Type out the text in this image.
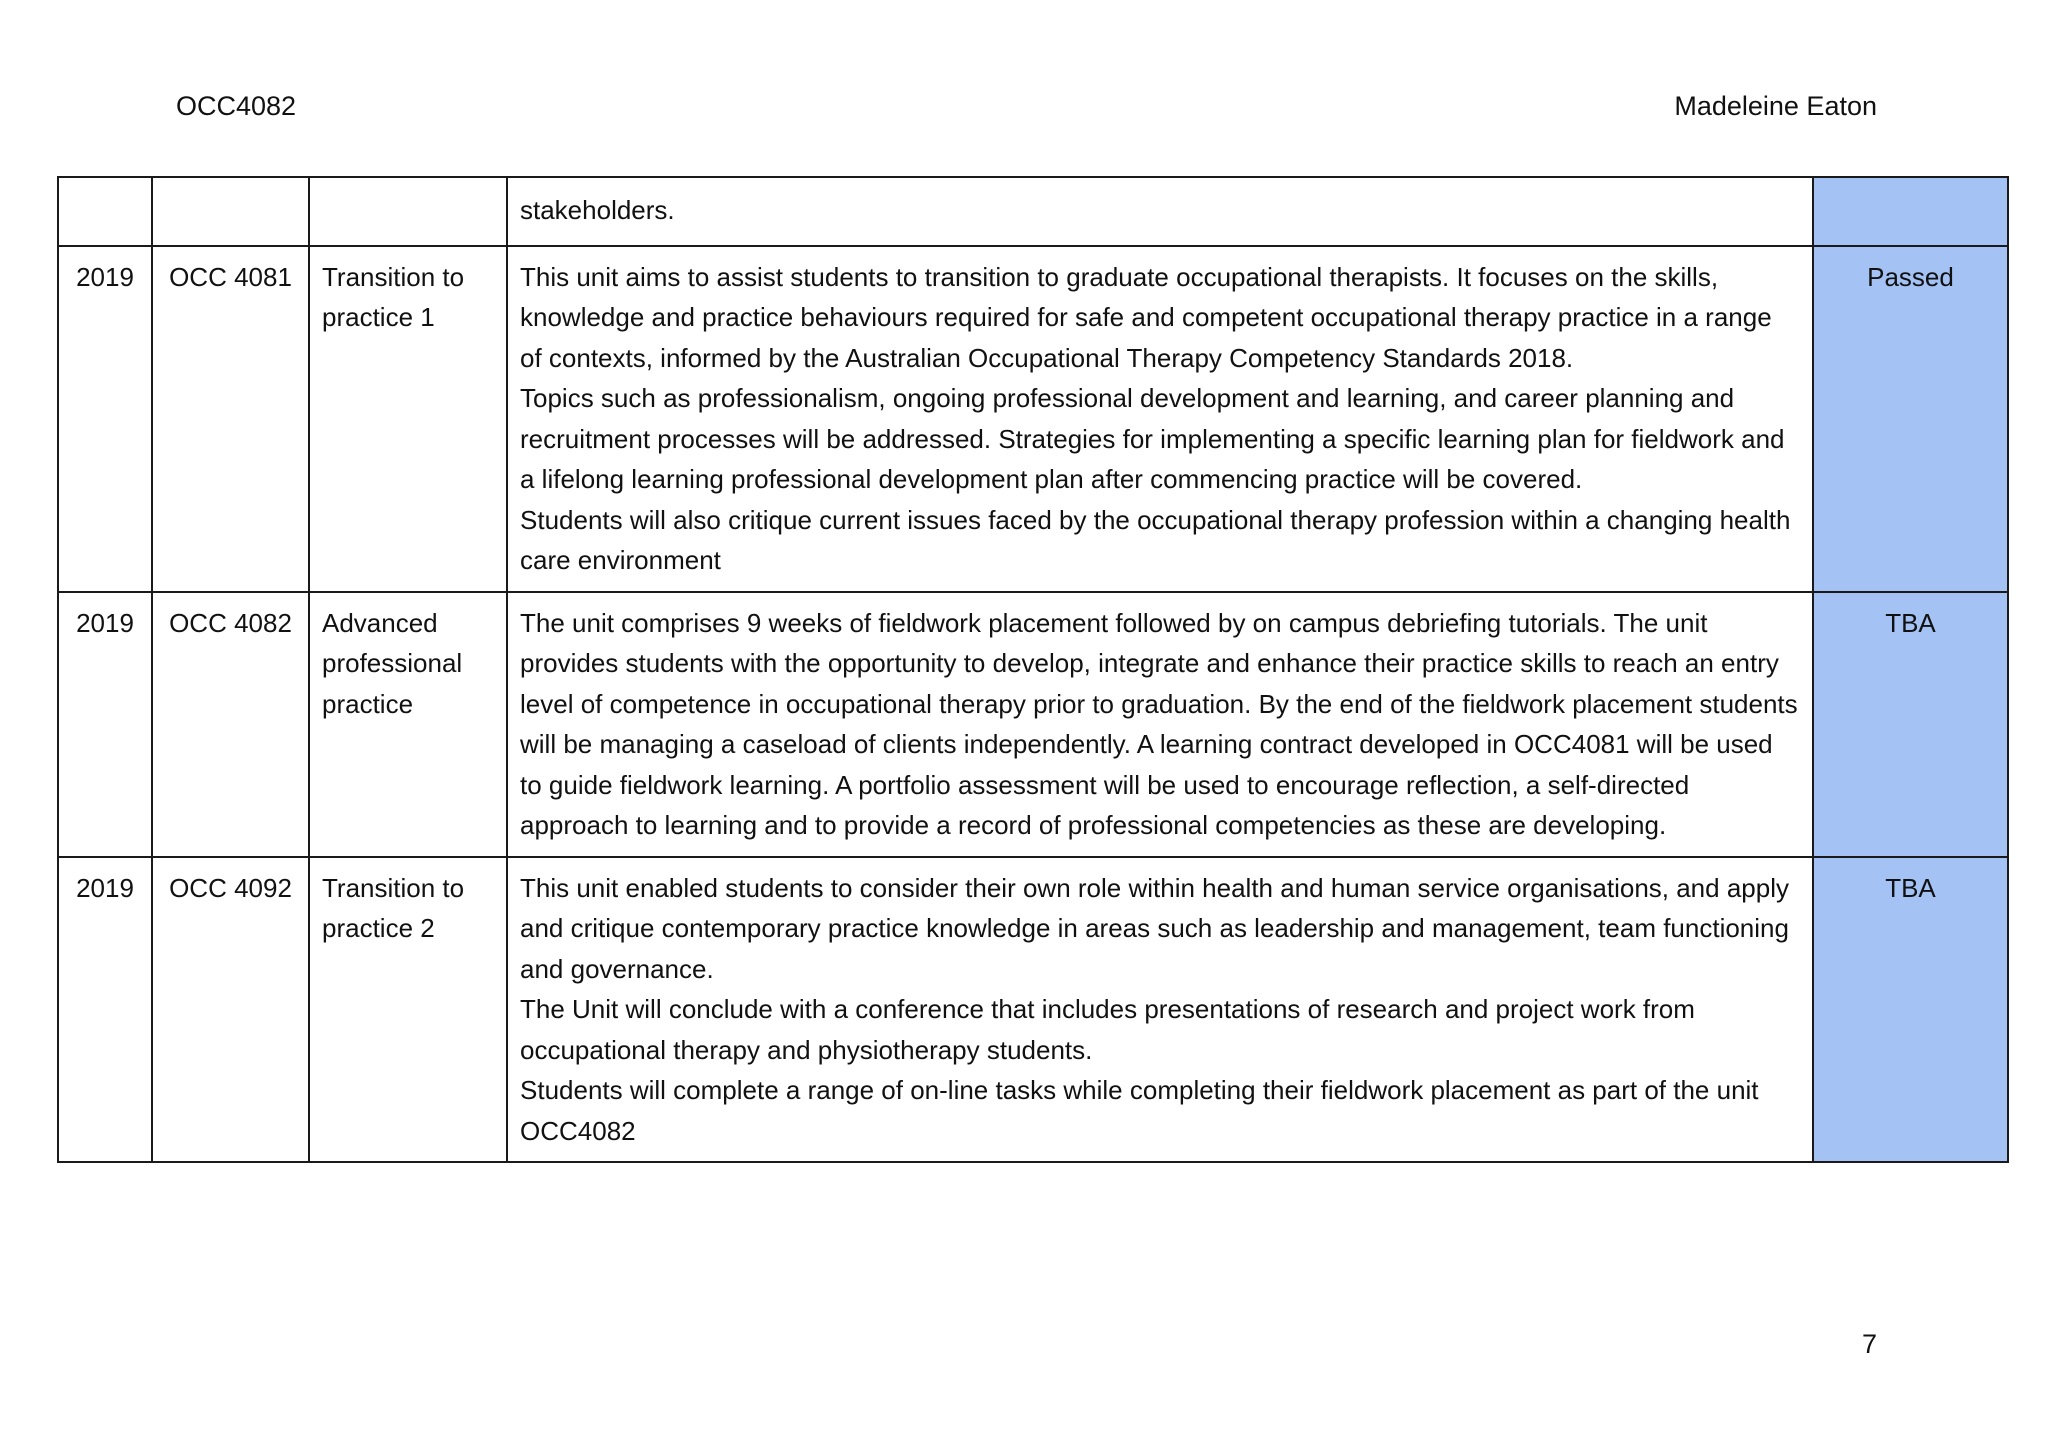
OCC4082	Madeleine Eaton

			stakeholders.	

2019	OCC 4081	Transition to practice 1	This unit aims to assist students to transition to graduate occupational therapists. It focuses on the skills, knowledge and practice behaviours required for safe and competent occupational therapy practice in a range of contexts, informed by the Australian Occupational Therapy Competency Standards 2018.
Topics such as professionalism, ongoing professional development and learning, and career planning and recruitment processes will be addressed. Strategies for implementing a specific learning plan for fieldwork and a lifelong learning professional development plan after commencing practice will be covered.
Students will also critique current issues faced by the occupational therapy profession within a changing health care environment	Passed
2019	OCC 4082	Advanced professional practice	The unit comprises 9 weeks of fieldwork placement followed by on campus debriefing tutorials. The unit provides students with the opportunity to develop, integrate and enhance their practice skills to reach an entry level of competence in occupational therapy prior to graduation. By the end of the fieldwork placement students will be managing a caseload of clients independently. A learning contract developed in OCC4081 will be used to guide fieldwork learning. A portfolio assessment will be used to encourage reflection, a self-directed approach to learning and to provide a record of professional competencies as these are developing.	TBA
2019	OCC 4092	Transition to practice 2	This unit enabled students to consider their own role within health and human service organisations, and apply and critique contemporary practice knowledge in areas such as leadership and management, team functioning and governance.
The Unit will conclude with a conference that includes presentations of research and project work from occupational therapy and physiotherapy students.
Students will complete a range of on-line tasks while completing their fieldwork placement as part of the unit OCC4082	TBA
7
